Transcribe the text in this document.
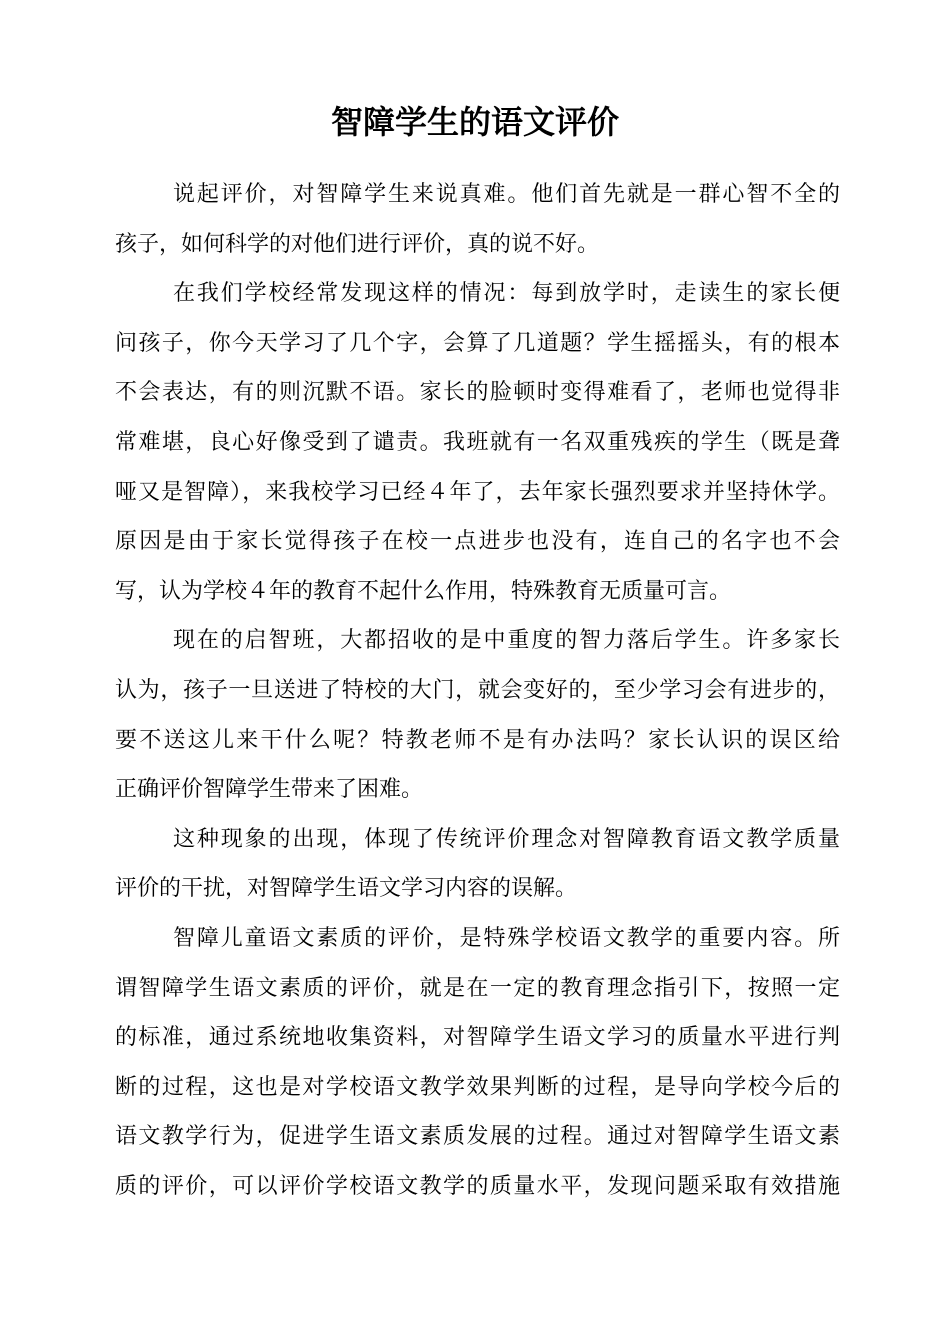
智障学生的语文评价

说起评价，对智障学生来说真难。他们首先就是一群心智不全的
孩子，如何科学的对他们进行评价，真的说不好。

在我们学校经常发现这样的情况：每到放学时，走读生的家长便
问孩子，你今天学习了几个字，会算了几道题？学生摇摇头，有的根本
不会表达，有的则沉默不语。家长的脸顿时变得难看了，老师也觉得非
常难堪，良心好像受到了谴责。我班就有一名双重残疾的学生（既是聋
哑又是智障），来我校学习已经４年了，去年家长强烈要求并坚持休学。
原因是由于家长觉得孩子在校一点进步也没有，连自己的名字也不会
写，认为学校４年的教育不起什么作用，特殊教育无质量可言。

现在的启智班，大都招收的是中重度的智力落后学生。许多家长
认为，孩子一旦送进了特校的大门，就会变好的，至少学习会有进步的，
要不送这儿来干什么呢？特教老师不是有办法吗？家长认识的误区给
正确评价智障学生带来了困难。

这种现象的出现，体现了传统评价理念对智障教育语文教学质量
评价的干扰，对智障学生语文学习内容的误解。

智障儿童语文素质的评价，是特殊学校语文教学的重要内容。所
谓智障学生语文素质的评价，就是在一定的教育理念指引下，按照一定
的标准，通过系统地收集资料，对智障学生语文学习的质量水平进行判
断的过程，这也是对学校语文教学效果判断的过程，是导向学校今后的
语文教学行为，促进学生语文素质发展的过程。通过对智障学生语文素
质的评价，可以评价学校语文教学的质量水平，发现问题采取有效措施
